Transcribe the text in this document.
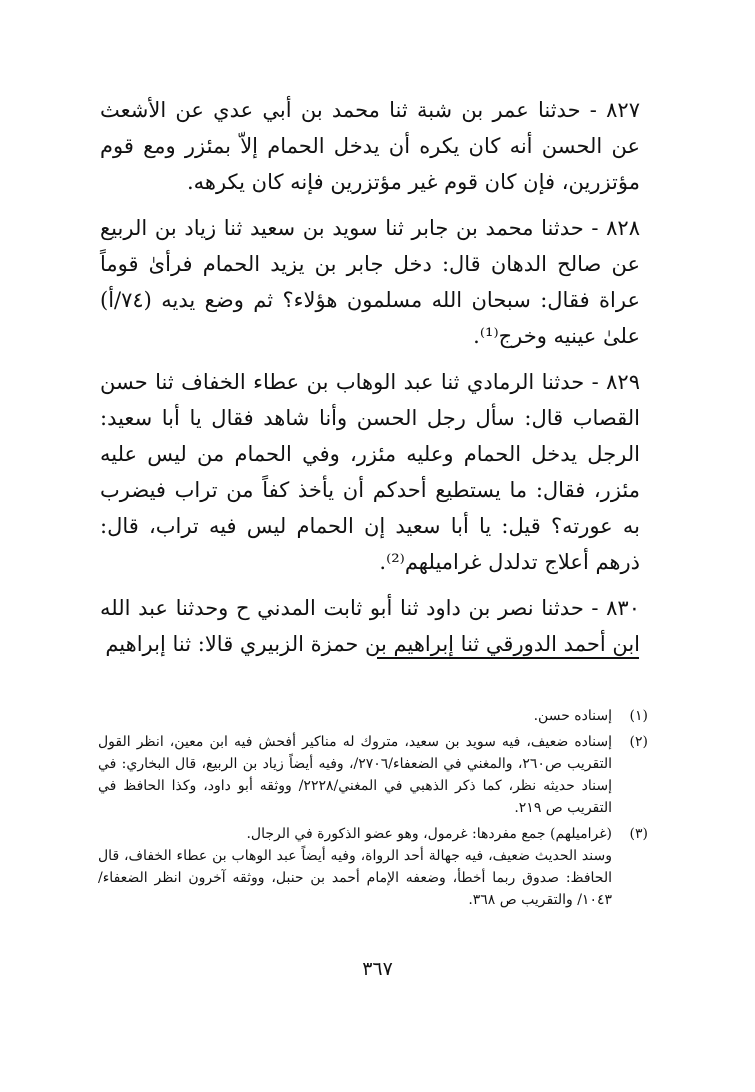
٨٢٧ - حدثنا عمر بن شبة ثنا محمد بن أبي عدي عن الأشعث عن الحسن أنه كان يكره أن يدخل الحمام إلاّ بمئزر ومع قوم مؤتزرين، فإن كان قوم غير مؤتزرين فإنه كان يكرهه.

٨٢٨ - حدثنا محمد بن جابر ثنا سويد بن سعيد ثنا زياد بن الربيع عن صالح الدهان قال: دخل جابر بن يزيد الحمام فرأىٰ قوماً عراة فقال: سبحان الله مسلمون هؤلاء؟ ثم وضع يديه (٧٤/أ) علىٰ عينيه وخرج⁽¹⁾.

٨٢٩ - حدثنا الرمادي ثنا عبد الوهاب بن عطاء الخفاف ثنا حسن القصاب قال: سأل رجل الحسن وأنا شاهد فقال يا أبا سعيد: الرجل يدخل الحمام وعليه مئزر، وفي الحمام من ليس عليه مئزر، فقال: ما يستطيع أحدكم أن يأخذ كفاً من تراب فيضرب به عورته؟ قيل: يا أبا سعيد إن الحمام ليس فيه تراب، قال: ذرهم أعلاج تدلدل غراميلهم⁽²⁾.

٨٣٠ - حدثنا نصر بن داود ثنا أبو ثابت المدني ح وحدثنا عبد الله ابن أحمد الدورقي ثنا إبراهيم بن حمزة الزبيري قالا: ثنا إبراهيم

(١)

إسناده حسن.

(٢)

إسناده ضعيف، فيه سويد بن سعيد، متروك له مناكير أفحش فيه ابن معين، انظر القول التقريب ص٢٦٠، والمغني في الضعفاء/٢٧٠٦/، وفيه أيضاً زياد بن الربيع، قال البخاري: في إسناد حديثه نظر، كما ذكر الذهبي في المغني/٢٢٢٨/ ووثقه أبو داود، وكذا الحافظ في التقريب ص ٢١٩.

(٣)

(غراميلهم) جمع مفردها: غرمول، وهو عضو الذكورة في الرجال.

وسند الحديث ضعيف، فيه جهالة أحد الرواة، وفيه أيضاً عبد الوهاب بن عطاء الخفاف، قال الحافظ: صدوق ربما أخطأ، وضعفه الإمام أحمد بن حنبل، ووثقه آخرون انظر الضعفاء/١٠٤٣/ والتقريب ص ٣٦٨.

٣٦٧
